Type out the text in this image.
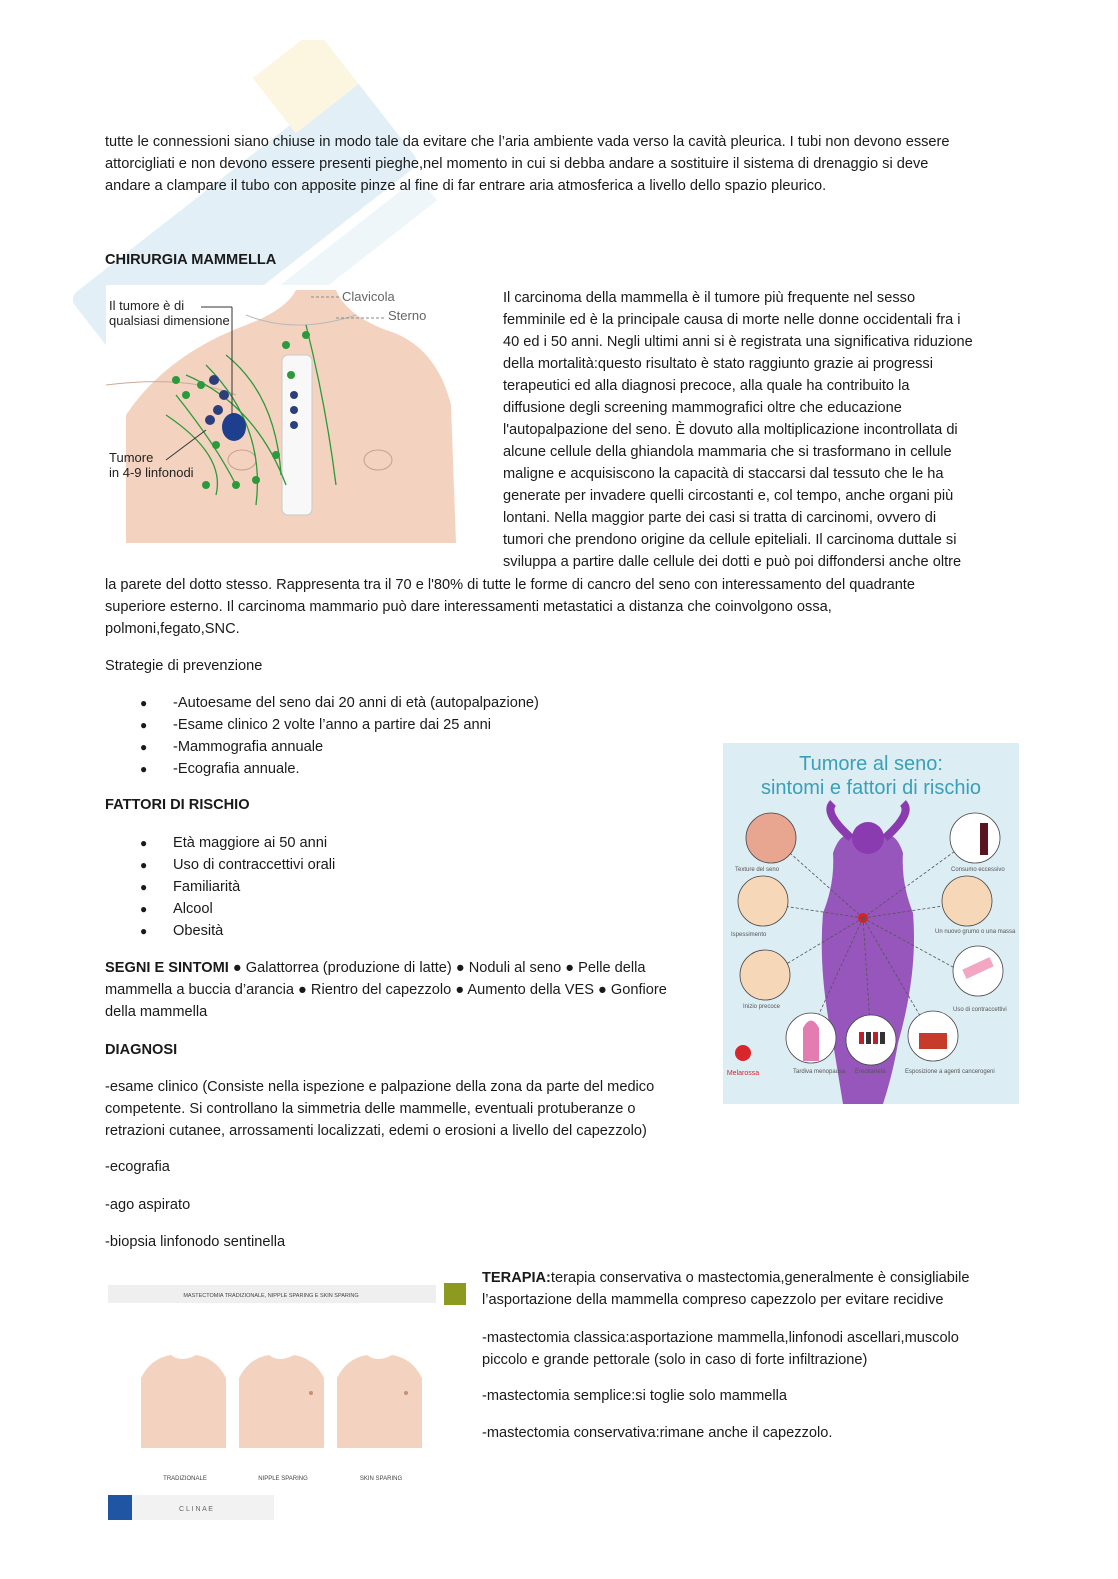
tutte le connessioni siano chiuse in modo tale da evitare che l’aria ambiente vada verso la cavità pleurica. I tubi non devono essere

attorcigliati e non devono essere presenti pieghe,nel momento in cui si debba andare a sostituire il sistema di drenaggio si deve

andare a clampare il tubo con apposite pinze al fine di far entrare aria atmosferica a livello dello spazio pleurico.

CHIRURGIA MAMMELLA
Il tumore è di
qualsiasi dimensione
Clavicola
Sterno
Tumore
in 4-9 linfonodi

Il carcinoma della mammella è il tumore più frequente nel sesso

femminile ed è la principale causa di morte nelle donne occidentali fra i

40 ed i 50 anni. Negli ultimi anni si è registrata una significativa riduzione

della mortalità:questo risultato è stato raggiunto grazie ai progressi

terapeutici ed alla diagnosi precoce, alla quale ha contribuito la

diffusione degli screening mammografici oltre che educazione

l'autopalpazione del seno. È dovuto alla moltiplicazione incontrollata di

alcune cellule della ghiandola mammaria che si trasformano in cellule

maligne e acquisiscono la capacità di staccarsi dal tessuto che le ha

generate per invadere quelli circostanti e, col tempo, anche organi più

lontani. Nella maggior parte dei casi si tratta di carcinomi, ovvero di

tumori che prendono origine da cellule epiteliali. Il carcinoma duttale si

sviluppa a partire dalle cellule dei dotti e può poi diffondersi anche oltre

la parete del dotto stesso. Rappresenta tra il 70 e l'80% di tutte le forme di cancro del seno con interessamento del quadrante

superiore esterno. Il carcinoma mammario può dare interessamenti metastatici a distanza che coinvolgono ossa,

polmoni,fegato,SNC.

Strategie di prevenzione
● -Autoesame del seno dai 20 anni di età (autopalpazione)
● -Esame clinico 2 volte l’anno a partire dai 25 anni
● -Mammografia annuale
● -Ecografia annuale.
FATTORI DI RISCHIO
● Età maggiore ai 50 anni
● Uso di contraccettivi orali
● Familiarità
● Alcool
● Obesità

SEGNI E SINTOMI ● Galattorrea (produzione di latte) ● Noduli al seno ● Pelle della

mammella a buccia d’arancia ● Rientro del capezzolo ● Aumento della VES ● Gonfiore

della mammella

DIAGNOSI

-esame clinico (Consiste nella ispezione e palpazione della zona da parte del medico

competente. Si controllano la simmetria delle mammelle, eventuali protuberanze o

retrazioni cutanee, arrossamenti localizzati, edemi o erosioni a livello del capezzolo)

-ecografia
-ago aspirato
-biopsia linfonodo sentinella
Tumore al seno:
sintomi e fattori di rischio
Melarossa
Texture del seno	Consumo eccessivo
Ispessimento	Un nuovo grumo o una massa
Inizio precoce	Uso di contraccettivi
Tardiva menopausa Ereditarietà	Esposizione a agenti cancerogeni

TERAPIA:terapia conservativa o mastectomia,generalmente è consigliabile

l’asportazione della mammella compreso capezzolo per evitare recidive

-mastectomia classica:asportazione mammella,linfonodi ascellari,muscolo

piccolo e grande pettorale (solo in caso di forte infiltrazione)

-mastectomia semplice:si toglie solo mammella
-mastectomia conservativa:rimane anche il capezzolo.
MASTECTOMIA TRADIZIONALE, NIPPLE SPARING E SKIN SPARING
TRADIZIONALE	NIPPLE SPARING	SKIN SPARING
C L I N A E
